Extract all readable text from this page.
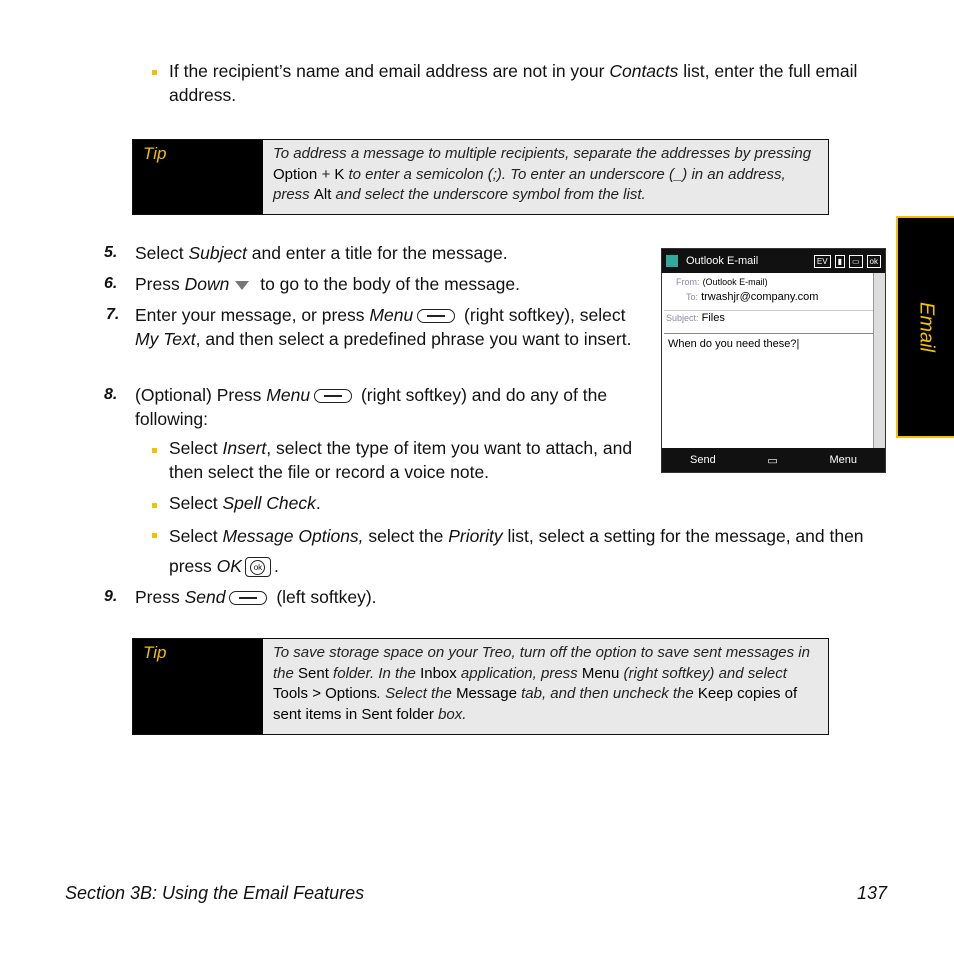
If the recipient’s name and email address are not in your Contacts list, enter the full email address.
Tip	To address a message to multiple recipients, separate the addresses by pressing Option + K to enter a semicolon (;). To enter an underscore (_) in an address, press Alt and select the underscore symbol from the list.
5. Select Subject and enter a title for the message.
6. Press Down to go to the body of the message.
7. Enter your message, or press Menu	(right softkey), select My Text, and then select a predefined phrase you want to insert.
8. (Optional) Press Menu	(right softkey) and do any of the following:
Select Insert, select the type of item you want to attach, and then select the file or record a voice note.
Select Spell Check.
Select Message Options, select the Priority list, select a setting for the message, and then press OK ok .
9. Press Send	(left softkey).
Tip	To save storage space on your Treo, turn off the option to save sent messages in the Sent folder. In the Inbox application, press Menu (right softkey) and select Tools > Options. Select the Message tab, and then uncheck the Keep copies of sent items in Sent folder box.
Outlook E-mail	EV	▮	▭	ok
From: (Outlook E-mail)
To: trwashjr@company.com
Subject: Files
When do you need these?|
Send	▭	Menu
Email
Section 3B: Using the Email Features	137
